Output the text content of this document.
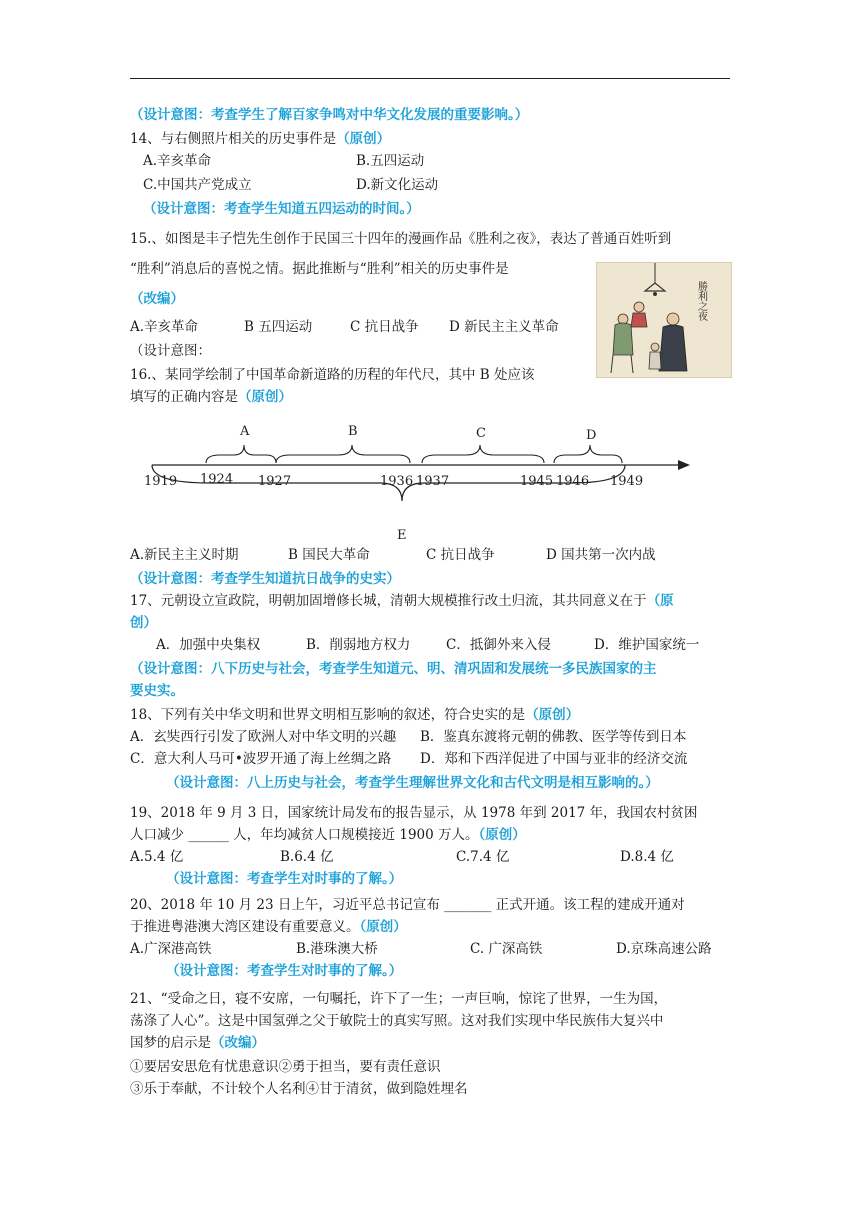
（设计意图：考查学生了解百家争鸣对中华文化发展的重要影响。）
14、与右侧照片相关的历史事件是（原创）
A.辛亥革命	B.五四运动
C.中国共产党成立	D.新文化运动
（设计意图：考查学生知道五四运动的时间。）
15.、如图是丰子恺先生创作于民国三十四年的漫画作品《胜利之夜》，表达了普通百姓听到
“胜利”消息后的喜悦之情。据此推断与“胜利”相关的历史事件是
（改编）
A.辛亥革命	B 五四运动	C 抗日战争 D 新民主主义革命
（设计意图：
勝利之夜
16.、某同学绘制了中国革命新道路的历程的年代尺，其中 B 处应该
填写的正确内容是（原创）
A	B	C	D
E
1919 1924 1927	1936 1937	1945 1946 1949
A.新民主主义时期	B 国民大革命	C 抗日战争	D 国共第一次内战
（设计意图：考查学生知道抗日战争的史实）
17、元朝设立宣政院，明朝加固增修长城，清朝大规模推行改土归流，其共同意义在于（原
创）
A．加强中央集权	B．削弱地方权力	C．抵御外来入侵	D．维护国家统一
（设计意图：八下历史与社会，考查学生知道元、明、清巩固和发展统一多民族国家的主
要史实。
18、下列有关中华文明和世界文明相互影响的叙述，符合史实的是（原创）
A．玄奘西行引发了欧洲人对中华文明的兴趣 B．鉴真东渡将元朝的佛教、医学等传到日本
C．意大利人马可•波罗开通了海上丝绸之路 D．郑和下西洋促进了中国与亚非的经济交流
（设计意图：八上历史与社会，考查学生理解世界文化和古代文明是相互影响的。）
19、2018 年 9 月 3 日，国家统计局发布的报告显示，从 1978 年到 2017 年，我国农村贫困
人口减少 ______ 人，年均减贫人口规模接近 1900 万人。（原创）
A.5.4 亿	B.6.4 亿	C.7.4 亿	D.8.4 亿
（设计意图：考查学生对时事的了解。）
20、2018 年 10 月 23 日上午，习近平总书记宣布 _______ 正式开通。该工程的建成开通对
于推进粤港澳大湾区建设有重要意义。（原创）
A.广深港高铁	B.港珠澳大桥	C. 广深高铁	D.京珠高速公路
（设计意图：考查学生对时事的了解。）
21、“受命之日，寝不安席，一句嘱托，许下了一生；一声巨响，惊诧了世界，一生为国，
荡涤了人心”。这是中国氢弹之父于敏院士的真实写照。这对我们实现中华民族伟大复兴中
国梦的启示是（改编）
①要居安思危有忧患意识②勇于担当，要有责任意识
③乐于奉献，不计较个人名利④甘于清贫，做到隐姓埋名
